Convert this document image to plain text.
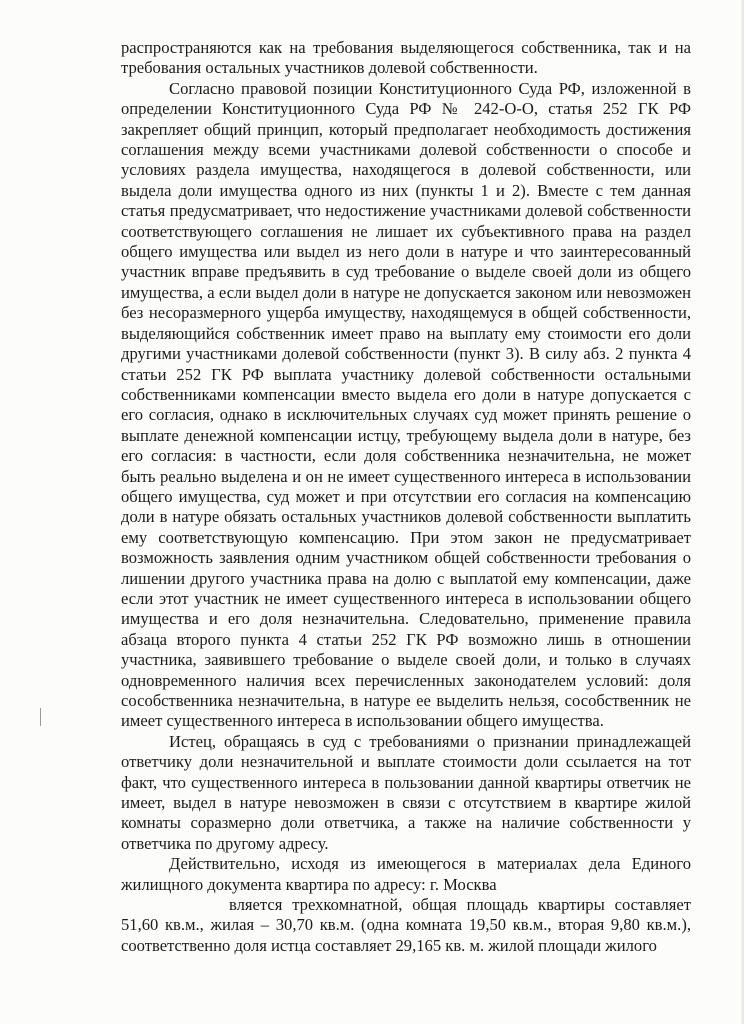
распространяются как на требования выделяющегося собственника, так и на требования остальных участников долевой собственности.

Согласно правовой позиции Конституционного Суда РФ, изложенной в определении Конституционного Суда РФ № 242-О-О, статья 252 ГК РФ закрепляет общий принцип, который предполагает необходимость достижения соглашения между всеми участниками долевой собственности о способе и условиях раздела имущества, находящегося в долевой собственности, или выдела доли имущества одного из них (пункты 1 и 2). Вместе с тем данная статья предусматривает, что недостижение участниками долевой собственности соответствующего соглашения не лишает их субъективного права на раздел общего имущества или выдел из него доли в натуре и что заинтересованный участник вправе предъявить в суд требование о выделе своей доли из общего имущества, а если выдел доли в натуре не допускается законом или невозможен без несоразмерного ущерба имуществу, находящемуся в общей собственности, выделяющийся собственник имеет право на выплату ему стоимости его доли другими участниками долевой собственности (пункт 3). В силу абз. 2 пункта 4 статьи 252 ГК РФ выплата участнику долевой собственности остальными собственниками компенсации вместо выдела его доли в натуре допускается с его согласия, однако в исключительных случаях суд может принять решение о выплате денежной компенсации истцу, требующему выдела доли в натуре, без его согласия: в частности, если доля собственника незначительна, не может быть реально выделена и он не имеет существенного интереса в использовании общего имущества, суд может и при отсутствии его согласия на компенсацию доли в натуре обязать остальных участников долевой собственности выплатить ему соответствующую компенсацию. При этом закон не предусматривает возможность заявления одним участником общей собственности требования о лишении другого участника права на долю с выплатой ему компенсации, даже если этот участник не имеет существенного интереса в использовании общего имущества и его доля незначительна. Следовательно, применение правила абзаца второго пункта 4 статьи 252 ГК РФ возможно лишь в отношении участника, заявившего требование о выделе своей доли, и только в случаях одновременного наличия всех перечисленных законодателем условий: доля сособственника незначительна, в натуре ее выделить нельзя, сособственник не имеет существенного интереса в использовании общего имущества.

Истец, обращаясь в суд с требованиями о признании принадлежащей ответчику доли незначительной и выплате стоимости доли ссылается на тот факт, что существенного интереса в пользовании данной квартиры ответчик не имеет, выдел в натуре невозможен в связи с отсутствием в квартире жилой комнаты соразмерно доли ответчика, а также на наличие собственности у ответчика по другому адресу.

Действительно, исходя из имеющегося в материалах дела Единого жилищного документа квартира по адресу: г. Москва

вляется трехкомнатной, общая площадь квартиры составляет 51,60 кв.м., жилая – 30,70 кв.м. (одна комната 19,50 кв.м., вторая 9,80 кв.м.), соответственно доля истца составляет 29,165 кв. м. жилой площади жилого
